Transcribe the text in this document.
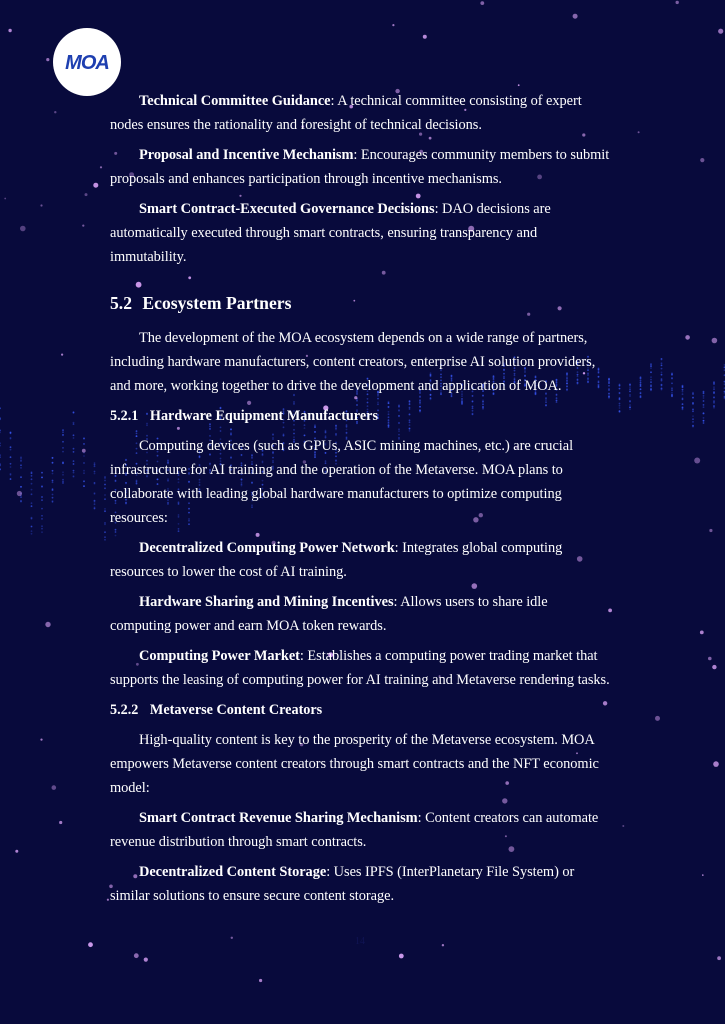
MOA

Technical Committee Guidance: A technical committee consisting of expert nodes ensures the rationality and foresight of technical decisions.

Proposal and Incentive Mechanism: Encourages community members to submit proposals and enhances participation through incentive mechanisms.

Smart Contract-Executed Governance Decisions: DAO decisions are automatically executed through smart contracts, ensuring transparency and immutability.

5.2 Ecosystem Partners

The development of the MOA ecosystem depends on a wide range of partners, including hardware manufacturers, content creators, enterprise AI solution providers, and more, working together to drive the development and application of MOA.

5.2.1 Hardware Equipment Manufacturers

Computing devices (such as GPUs, ASIC mining machines, etc.) are crucial infrastructure for AI training and the operation of the Metaverse. MOA plans to collaborate with leading global hardware manufacturers to optimize computing resources:

Decentralized Computing Power Network: Integrates global computing resources to lower the cost of AI training.

Hardware Sharing and Mining Incentives: Allows users to share idle computing power and earn MOA token rewards.

Computing Power Market: Establishes a computing power trading market that supports the leasing of computing power for AI training and Metaverse rendering tasks.

5.2.2 Metaverse Content Creators

High-quality content is key to the prosperity of the Metaverse ecosystem. MOA empowers Metaverse content creators through smart contracts and the NFT economic model:

Smart Contract Revenue Sharing Mechanism: Content creators can automate revenue distribution through smart contracts.

Decentralized Content Storage: Uses IPFS (InterPlanetary File System) or similar solutions to ensure secure content storage.

14
